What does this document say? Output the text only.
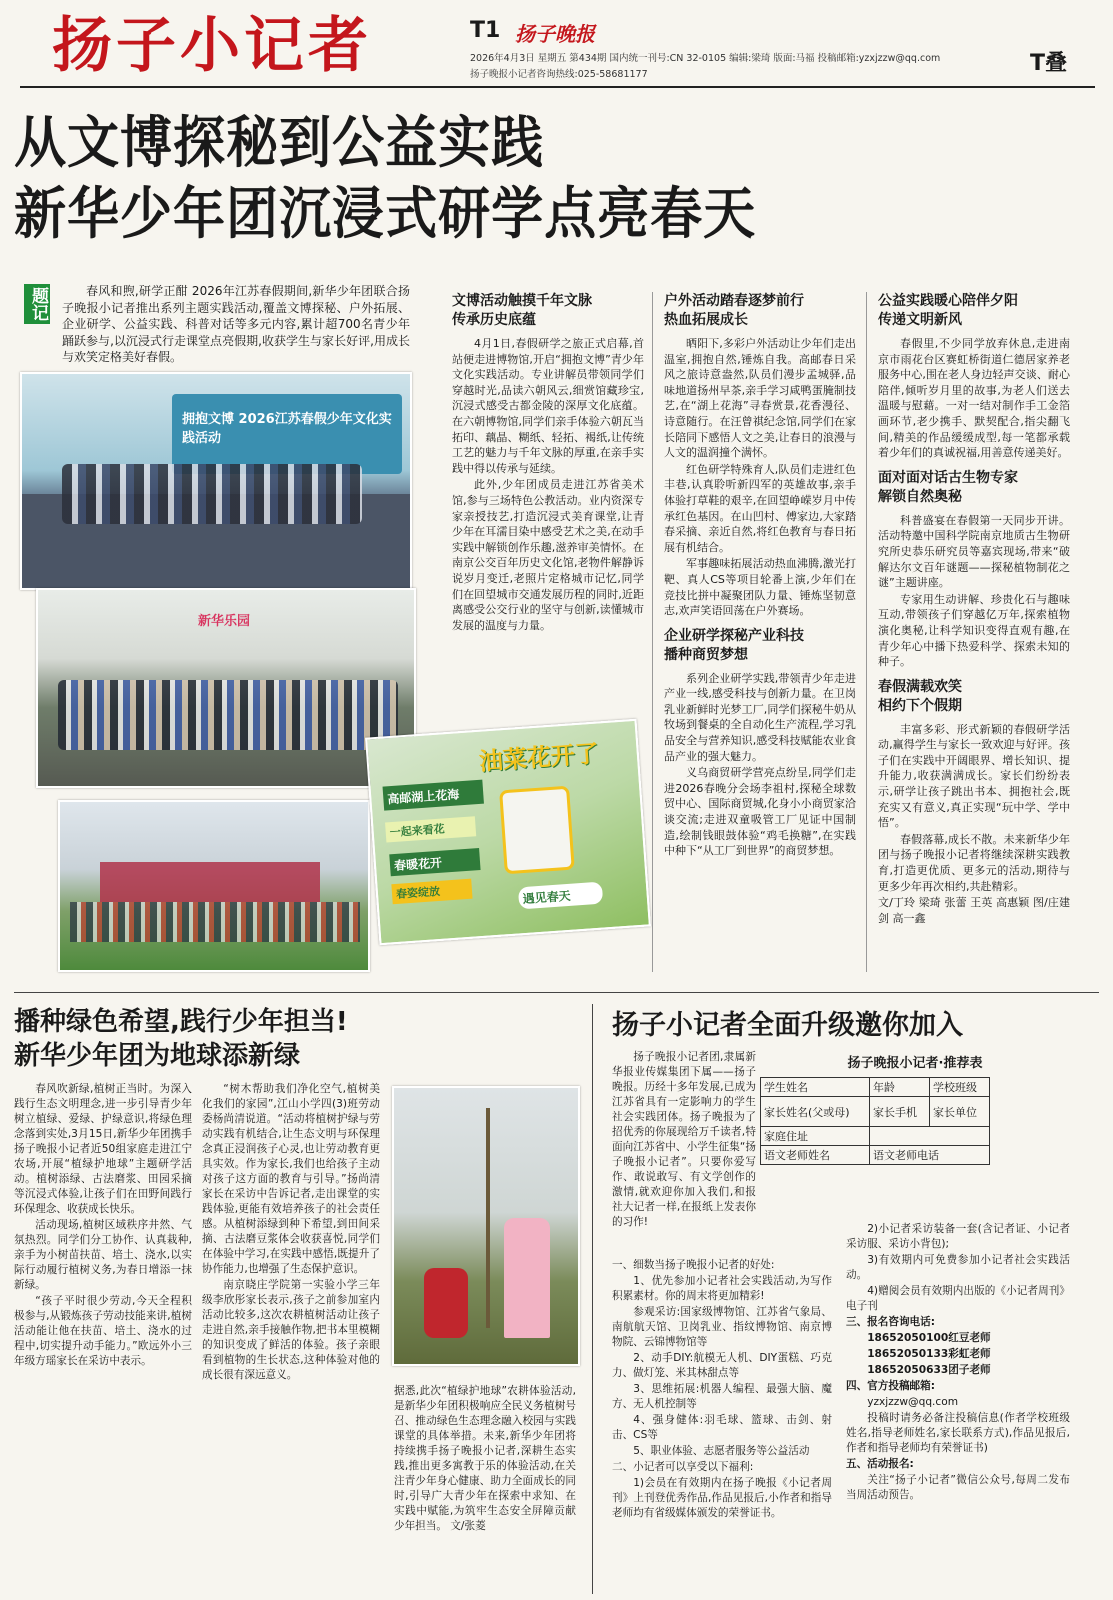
扬子小记者	T1 扬子晚报
2026年4月3日 星期五 第434期 国内统一刊号:CN 32-0105 编辑:梁琦 版面:马福 投稿邮箱:yzxjzzw@qq.com
扬子晚报小记者咨询热线:025-58681177	T叠
从文博探秘到公益实践
新华少年团沉浸式研学点亮春天
题记	春风和煦,研学正酣 2026年江苏春假期间,新华少年团联合扬子晚报小记者推出系列主题实践活动,覆盖文博探秘、户外拓展、企业研学、公益实践、科普对话等多元内容,累计超700名青少年踊跃参与,以沉浸式行走课堂点亮假期,收获学生与家长好评,用成长与欢笑定格美好春假。
拥抱文博 2026江苏春假少年文化实践活动
新华乐园
油菜花开了
高邮湖上花海
一起来看花
春暖花开
春姿绽放	遇见春天
文博活动触摸千年文脉
传承历史底蕴

4月1日,春假研学之旅正式启幕,首站便走进博物馆,开启“拥抱文博”青少年文化实践活动。专业讲解员带领同学们穿越时光,品读六朝风云,细赏馆藏珍宝,沉浸式感受古都金陵的深厚文化底蕴。在六朝博物馆,同学们亲手体验六朝瓦当拓印、藕晶、糊纸、轻拓、褐纸,让传统工艺的魅力与千年文脉的厚重,在亲手实践中得以传承与延续。

此外,少年团成员走进江苏省美术馆,参与三场特色公教活动。业内资深专家亲授技艺,打造沉浸式美育课堂,让青少年在耳濡目染中感受艺术之美,在动手实践中解锁创作乐趣,滋养审美情怀。在南京公交百年历史文化馆,老物件解静诉说岁月变迁,老照片定格城市记忆,同学们在回望城市交通发展历程的同时,近距离感受公交行业的坚守与创新,读懂城市发展的温度与力量。

户外活动踏春逐梦前行
热血拓展成长

晒阳下,多彩户外活动让少年们走出温室,拥抱自然,锤炼自我。高邮春日采风之旅诗意盎然,队员们漫步孟城驿,品味地道扬州早茶,亲手学习咸鸭蛋腌制技艺,在“湖上花海”寻春赏景,花香漫径、诗意随行。在汪曾祺纪念馆,同学们在家长陪同下感悟人文之美,让春日的浪漫与人文的温润撞个满怀。

红色研学特殊育人,队员们走进红色丰巷,认真聆听新四军的英雄故事,亲手体验打草鞋的艰辛,在回望峥嵘岁月中传承红色基因。在山凹村、傅家边,大家踏春采摘、亲近自然,将红色教育与春日拓展有机结合。

军事趣味拓展活动热血沸腾,激光打靶、真人CS等项目轮番上演,少年们在竞技比拼中凝聚团队力量、锤炼坚韧意志,欢声笑语回荡在户外赛场。

企业研学探秘产业科技
播种商贸梦想

系列企业研学实践,带领青少年走进产业一线,感受科技与创新力量。在卫岗乳业新鲜时光梦工厂,同学们探秘牛奶从牧场到餐桌的全自动化生产流程,学习乳品安全与营养知识,感受科技赋能农业食品产业的强大魅力。

义乌商贸研学营亮点纷呈,同学们走进2026春晚分会场李祖村,探秘全球数贸中心、国际商贸城,化身小小商贸家洽谈交流;走进双童吸管工厂见证中国制造,绘制钱眼鼓体验“鸡毛换糖”,在实践中种下“从工厂到世界”的商贸梦想。

公益实践暖心陪伴夕阳
传递文明新风

春假里,不少同学放弃休息,走进南京市雨花台区赛虹桥街道仁德居家养老服务中心,围在老人身边轻声交谈、耐心陪伴,倾听岁月里的故事,为老人们送去温暖与慰藉。一对一结对制作手工金箔画环节,老少携手、默契配合,指尖翻飞间,精美的作品缓缓成型,每一笔都承载着少年们的真诚祝福,用善意传递美好。

面对面对话古生物专家
解锁自然奥秘

科普盛宴在春假第一天同步开讲。活动特邀中国科学院南京地质古生物研究所史恭乐研究员等嘉宾现场,带来“破解达尔文百年谜题——探秘植物制花之谜”主题讲座。

专家用生动讲解、珍贵化石与趣味互动,带领孩子们穿越亿万年,探索植物演化奥秘,让科学知识变得直观有趣,在青少年心中播下热爱科学、探索未知的种子。

春假满载欢笑
相约下个假期

丰富多彩、形式新颖的春假研学活动,赢得学生与家长一致欢迎与好评。孩子们在实践中开阔眼界、增长知识、提升能力,收获满满成长。家长们纷纷表示,研学让孩子跳出书本、拥抱社会,既充实又有意义,真正实现“玩中学、学中悟”。

春假落幕,成长不散。未来新华少年团与扬子晚报小记者将继续深耕实践教育,打造更优质、更多元的活动,期待与更多少年再次相约,共赴精彩。

文/丁玲 梁琦 张蕾 王英 高惠颖 图/庄建剑 高一鑫

播种绿色希望,践行少年担当!
新华少年团为地球添新绿

春风吹新绿,植树正当时。为深入践行生态文明理念,进一步引导青少年树立植绿、爱绿、护绿意识,将绿色理念落到实处,3月15日,新华少年团携手扬子晚报小记者近50组家庭走进江宁农场,开展“植绿护地球”主题研学活动。植树添绿、古法磨浆、田园采摘等沉浸式体验,让孩子们在田野间践行环保理念、收获成长快乐。

活动现场,植树区域秩序井然、气氛热烈。同学们分工协作、认真栽种,亲手为小树苗扶苗、培土、浇水,以实际行动履行植树义务,为春日增添一抹新绿。

“孩子平时很少劳动,今天全程积极参与,从锻炼孩子劳动技能来讲,植树活动能让他在扶苗、培土、浇水的过程中,切实提升动手能力。”欧远外小三年级方瑶家长在采访中表示。

“树木帮助我们净化空气,植树美化我们的家园”,江山小学四(3)班劳动委杨尚清说道。“活动将植树护绿与劳动实践有机结合,让生态文明与环保理念真正浸润孩子心灵,也让劳动教育更具实效。作为家长,我们也给孩子主动对孩子这方面的教育与引导。”扬尚清家长在采访中告诉记者,走出课堂的实践体验,更能有效培养孩子的社会责任感。从植树添绿到种下希望,到田间采摘、古法磨豆浆体会收获喜悦,同学们在体验中学习,在实践中感悟,既提升了协作能力,也增强了生态保护意识。

南京晓庄学院第一实验小学三年级李欣彤家长表示,孩子之前参加室内活动比较多,这次农耕植树活动让孩子走进自然,亲手接触作物,把书本里模糊的知识变成了鲜活的体验。孩子亲眼看到植物的生长状态,这种体验对他的成长很有深远意义。

据悉,此次“植绿护地球”农耕体验活动,是新华少年团积极响应全民义务植树号召、推动绿色生态理念融入校园与实践课堂的具体举措。未来,新华少年团将持续携手扬子晚报小记者,深耕生态实践,推出更多寓教于乐的体验活动,在关注青少年身心健康、助力全面成长的同时,引导广大青少年在探索中求知、在实践中赋能,为筑牢生态安全屏障贡献少年担当。 文/张菱
扬子小记者全面升级邀你加入

扬子晚报小记者团,隶属新华报业传媒集团下属——扬子晚报。历经十多年发展,已成为江苏省具有一定影响力的学生社会实践团体。扬子晚报为了招优秀的你展现给万千读者,特面向江苏省中、小学生征集“扬子晚报小记者”。只要你爱写作、敢说敢写、有文学创作的激情,就欢迎你加入我们,和报社大记者一样,在报纸上发表你的习作!

扬子晚报小记者·推荐表
学生姓名	年龄	学校班级
家长姓名(父或母)	家长手机	家长单位
家庭住址		
语文老师姓名	语文老师电话	

一、细数当扬子晚报小记者的好处:

1、优先参加小记者社会实践活动,为写作积累素材。你的周末将更加精彩!

参观采访:国家级博物馆、江苏省气象局、南航航天馆、卫岗乳业、指纹博物馆、南京博物院、云锦博物馆等

2、动手DIY:航模无人机、DIY蛋糕、巧克力、做灯笼、米其林甜点等

3、思维拓展:机器人编程、最强大脑、魔方、无人机控制等

4、强身健体:羽毛球、篮球、击剑、射击、CS等

5、职业体验、志愿者服务等公益活动

二、小记者可以享受以下福利:

1)会员在有效期内在扬子晚报《小记者周刊》上刊登优秀作品,作品见报后,小作者和指导老师均有省级媒体颁发的荣誉证书。

2)小记者采访装备一套(含记者证、小记者采访服、采访小背包);

3)有效期内可免费参加小记者社会实践活动。

4)赠阅会员有效期内出版的《小记者周刊》电子刊

三、报名咨询电话:

18652050100红豆老师

18652050133彩虹老师

18652050633团子老师

四、官方投稿邮箱:

yzxjzzw@qq.com

投稿时请务必备注投稿信息(作者学校班级姓名,指导老师姓名,家长联系方式),作品见报后,作者和指导老师均有荣誉证书)

五、活动报名:

关注“扬子小记者”微信公众号,每周二发布当周活动预告。
